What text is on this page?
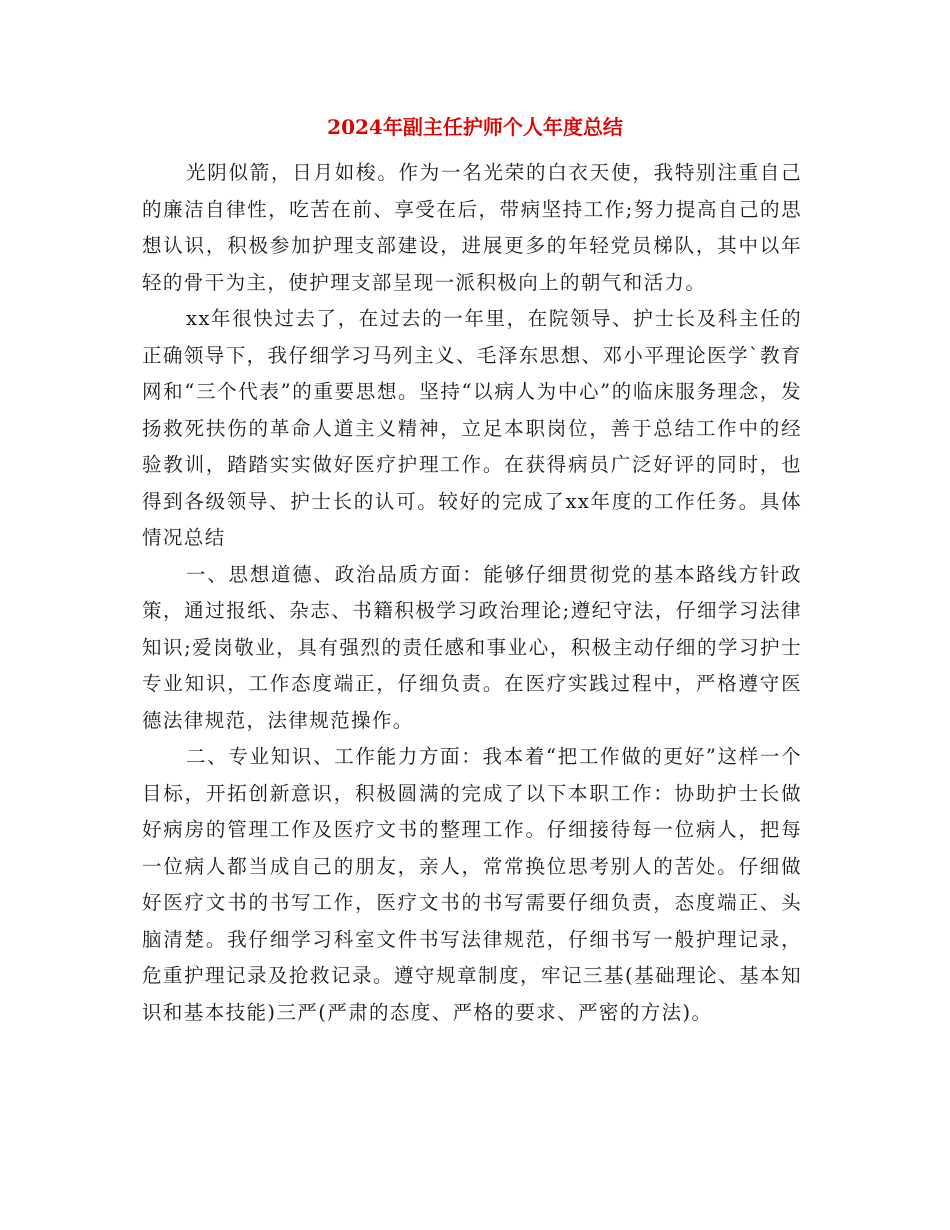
2024年副主任护师个人年度总结

光阴似箭，日月如梭。作为一名光荣的白衣天使，我特别注重自己的廉洁自律性，吃苦在前、享受在后，带病坚持工作;努力提高自己的思想认识，积极参加护理支部建设，进展更多的年轻党员梯队，其中以年轻的骨干为主，使护理支部呈现一派积极向上的朝气和活力。

xx年很快过去了，在过去的一年里，在院领导、护士长及科主任的正确领导下，我仔细学习马列主义、毛泽东思想、邓小平理论医学`教育网和“三个代表”的重要思想。坚持“以病人为中心”的临床服务理念，发扬救死扶伤的革命人道主义精神，立足本职岗位，善于总结工作中的经验教训，踏踏实实做好医疗护理工作。在获得病员广泛好评的同时，也得到各级领导、护士长的认可。较好的完成了xx年度的工作任务。具体情况总结

一、思想道德、政治品质方面：能够仔细贯彻党的基本路线方针政策，通过报纸、杂志、书籍积极学习政治理论;遵纪守法，仔细学习法律知识;爱岗敬业，具有强烈的责任感和事业心，积极主动仔细的学习护士专业知识，工作态度端正，仔细负责。在医疗实践过程中，严格遵守医德法律规范，法律规范操作。

二、专业知识、工作能力方面：我本着“把工作做的更好”这样一个目标，开拓创新意识，积极圆满的完成了以下本职工作：协助护士长做好病房的管理工作及医疗文书的整理工作。仔细接待每一位病人，把每一位病人都当成自己的朋友，亲人，常常换位思考别人的苦处。仔细做好医疗文书的书写工作，医疗文书的书写需要仔细负责，态度端正、头脑清楚。我仔细学习科室文件书写法律规范，仔细书写一般护理记录，危重护理记录及抢救记录。遵守规章制度，牢记三基(基础理论、基本知识和基本技能)三严(严肃的态度、严格的要求、严密的方法)。
